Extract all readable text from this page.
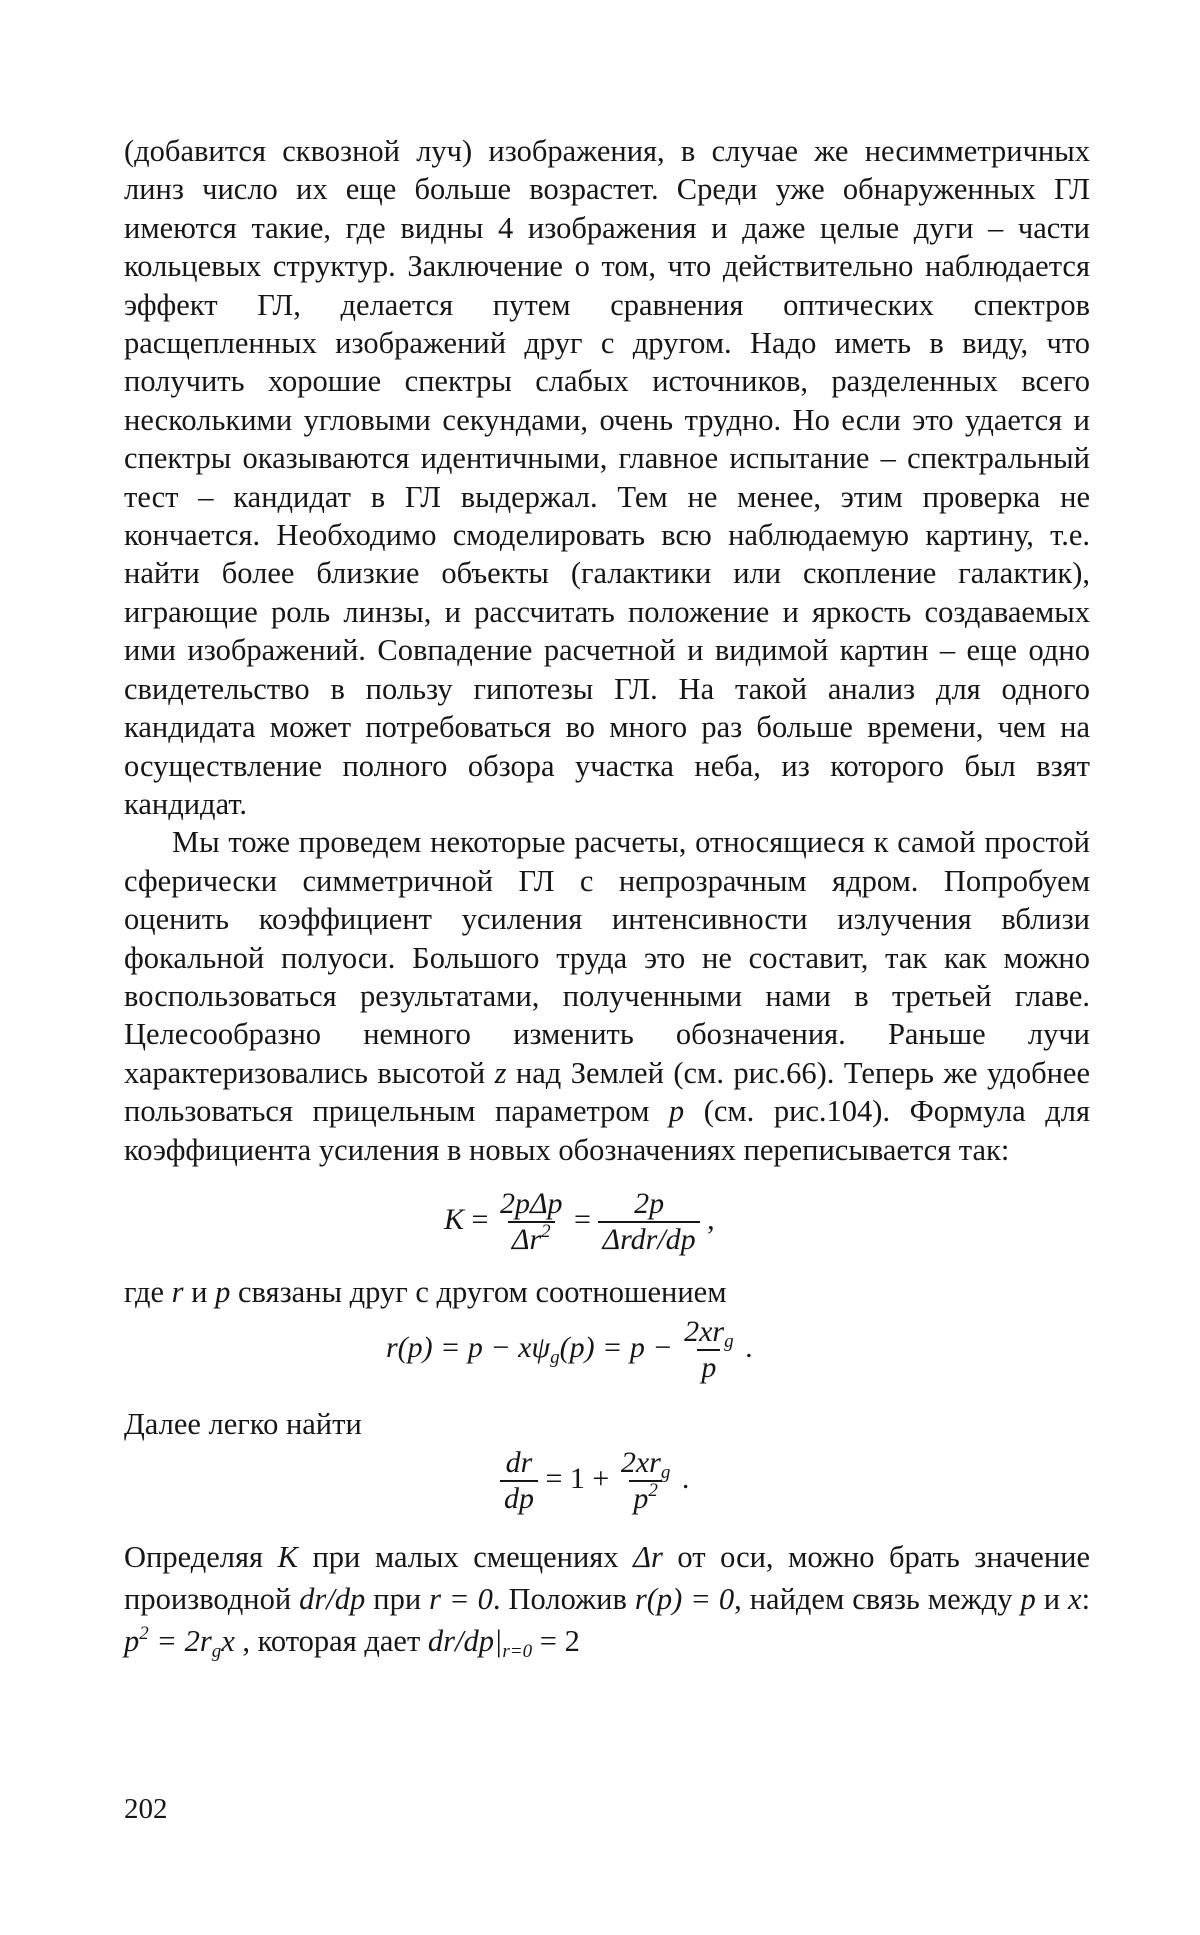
(добавится сквозной луч) изображения, в случае же несимметричных линз число их еще больше возрастет. Среди уже обнаруженных ГЛ имеются такие, где видны 4 изображения и даже целые дуги – части кольцевых структур. Заключение о том, что действительно наблюдается эффект ГЛ, делается путем сравнения оптических спектров расщепленных изображений друг с другом. Надо иметь в виду, что получить хорошие спектры слабых источников, разделенных всего несколькими угловыми секундами, очень трудно. Но если это удается и спектры оказываются идентичными, главное испытание – спектральный тест – кандидат в ГЛ выдержал. Тем не менее, этим проверка не кончается. Необходимо смоделировать всю наблюдаемую картину, т.е. найти более близкие объекты (галактики или скопление галактик), играющие роль линзы, и рассчитать положение и яркость создаваемых ими изображений. Совпадение расчетной и видимой картин – еще одно свидетельство в пользу гипотезы ГЛ. На такой анализ для одного кандидата может потребоваться во много раз больше времени, чем на осуществление полного обзора участка неба, из которого был взят кандидат.

Мы тоже проведем некоторые расчеты, относящиеся к самой простой сферически симметричной ГЛ с непрозрачным ядром. Попробуем оценить коэффициент усиления интенсивности излучения вблизи фокальной полуоси. Большого труда это не составит, так как можно воспользоваться результатами, полученными нами в третьей главе. Целесообразно немного изменить обозначения. Раньше лучи характеризовались высотой z над Землей (см. рис.66). Теперь же удобнее пользоваться прицельным параметром p (см. рис.104). Формула для коэффициента усиления в новых обозначениях переписывается так:

$K = \frac{\text{2pΔp}}{\Delta r^2} = \frac{2p}{\text{Δrdr/dp}}$ ,

где r и p связаны друг с другом соотношением

$r(p) = p - x\psi_g(p) = p - \frac{2xr_g}{p}$ .

Далее легко найти

$\frac{dr}{dp} = 1 + \frac{2xr_g}{p^2}$ .

Определяя K при малых смещениях Δr от оси, можно брать значение производной dr/dp при r = 0. Положив r(p) = 0, найдем связь между p и x: $p^2 = 2r_gx$ , которая дает $dr/dp|_{r=0} = 2$

202
